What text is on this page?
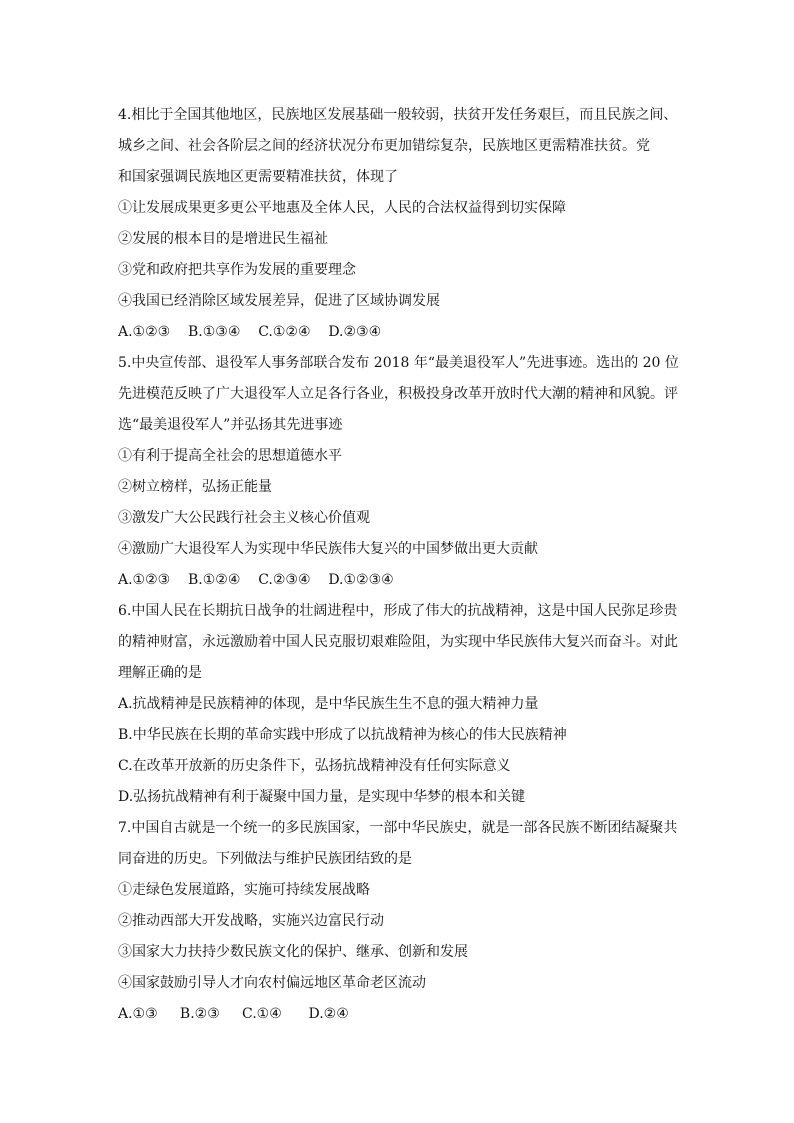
4.相比于全国其他地区，民族地区发展基础一般较弱，扶贫开发任务艰巨，而且民族之间、
城乡之间、社会各阶层之间的经济状况分布更加错综复杂，民族地区更需精准扶贫。党
和国家强调民族地区更需要精准扶贫，体现了
①让发展成果更多更公平地惠及全体人民，人民的合法权益得到切实保障
②发展的根本目的是增进民生福祉
③党和政府把共享作为发展的重要理念
④我国已经消除区域发展差异，促进了区域协调发展
A.①②③    B.①③④    C.①②④    D.②③④
5.中央宣传部、退役军人事务部联合发布 2018 年“最美退役军人”先进事迹。选出的 20 位
先进模范反映了广大退役军人立足各行各业，积极投身改革开放时代大潮的精神和风貌。评
选“最美退役军人”并弘扬其先进事迹
①有利于提高全社会的思想道德水平
②树立榜样，弘扬正能量
③激发广大公民践行社会主义核心价值观
④激励广大退役军人为实现中华民族伟大复兴的中国梦做出更大贡献
A.①②③    B.①②④    C.②③④    D.①②③④
6.中国人民在长期抗日战争的壮阔进程中，形成了伟大的抗战精神，这是中国人民弥足珍贵
的精神财富，永远激励着中国人民克服切艰难险阻，为实现中华民族伟大复兴而奋斗。对此
理解正确的是
A.抗战精神是民族精神的体现，是中华民族生生不息的强大精神力量
B.中华民族在长期的革命实践中形成了以抗战精神为核心的伟大民族精神
C.在改革开放新的历史条件下，弘扬抗战精神没有任何实际意义
D.弘扬抗战精神有利于凝聚中国力量，是实现中华梦的根本和关键
7.中国自古就是一个统一的多民族国家，一部中华民族史，就是一部各民族不断团结凝聚共
同奋进的历史。下列做法与维护民族团结致的是
①走绿色发展道路，实施可持续发展战略
②推动西部大开发战略，实施兴边富民行动
③国家大力扶持少数民族文化的保护、继承、创新和发展
④国家鼓励引导人才向农村偏远地区革命老区流动
A.①③     B.②③     C.①④      D.②④
